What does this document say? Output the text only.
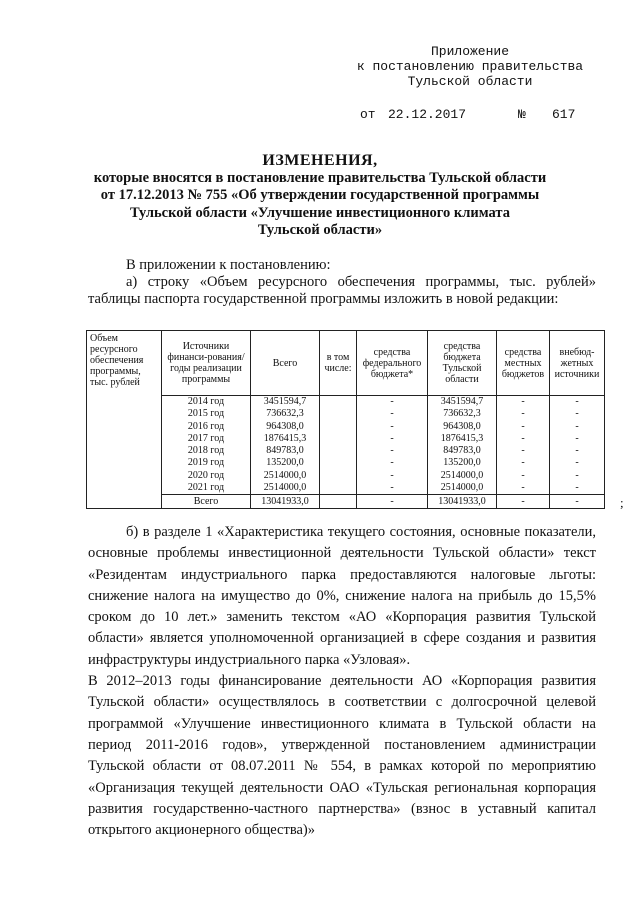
Приложение
к постановлению правительства
Тульской области
от 22.12.2017	№ 617
ИЗМЕНЕНИЯ,
которые вносятся в постановление правительства Тульской области
от 17.12.2013 № 755 «Об утверждении государственной программы
Тульской области «Улучшение инвестиционного климата
Тульской области»
В приложении к постановлению:
а) строку «Объем ресурсного обеспечения программы, тыс. рублей» таблицы паспорта государственной программы изложить в новой редакции:
Объем ресурсного обеспечения программы, тыс. рублей	Источники финанси-рования/годы реализации программы	Всего	в том числе:	средства федерального бюджета*	средства бюджета Тульской области	средства местных бюджетов	внебюд-жетных источники
	2014 год	3451594,7		-	3451594,7	-	-
	2015 год	736632,3		-	736632,3	-	-
	2016 год	964308,0		-	964308,0	-	-
	2017 год	1876415,3		-	1876415,3	-	-
	2018 год	849783,0		-	849783,0	-	-
	2019 год	135200,0		-	135200,0	-	-
	2020 год	2514000,0		-	2514000,0	-	-
	2021 год	2514000,0		-	2514000,0	-	-
	Всего	13041933,0		-	13041933,0	-	-	;
б) в разделе 1 «Характеристика текущего состояния, основные показатели, основные проблемы инвестиционной деятельности Тульской области» текст «Резидентам индустриального парка предоставляются налоговые льготы: снижение налога на имущество до 0%, снижение налога на прибыль до 15,5% сроком до 10 лет.» заменить текстом «АО «Корпорация развития Тульской области» является уполномоченной организацией в сфере создания и развития инфраструктуры индустриального парка «Узловая».
В 2012–2013 годы финансирование деятельности АО «Корпорация развития Тульской области» осуществлялось в соответствии с долгосрочной целевой программой «Улучшение инвестиционного климата в Тульской области на период 2011-2016 годов», утвержденной постановлением администрации Тульской области от 08.07.2011 № 554, в рамках которой по мероприятию «Организация текущей деятельности ОАО «Тульская региональная корпорация развития государственно-частного партнерства» (взнос в уставный капитал открытого акционерного общества)»
